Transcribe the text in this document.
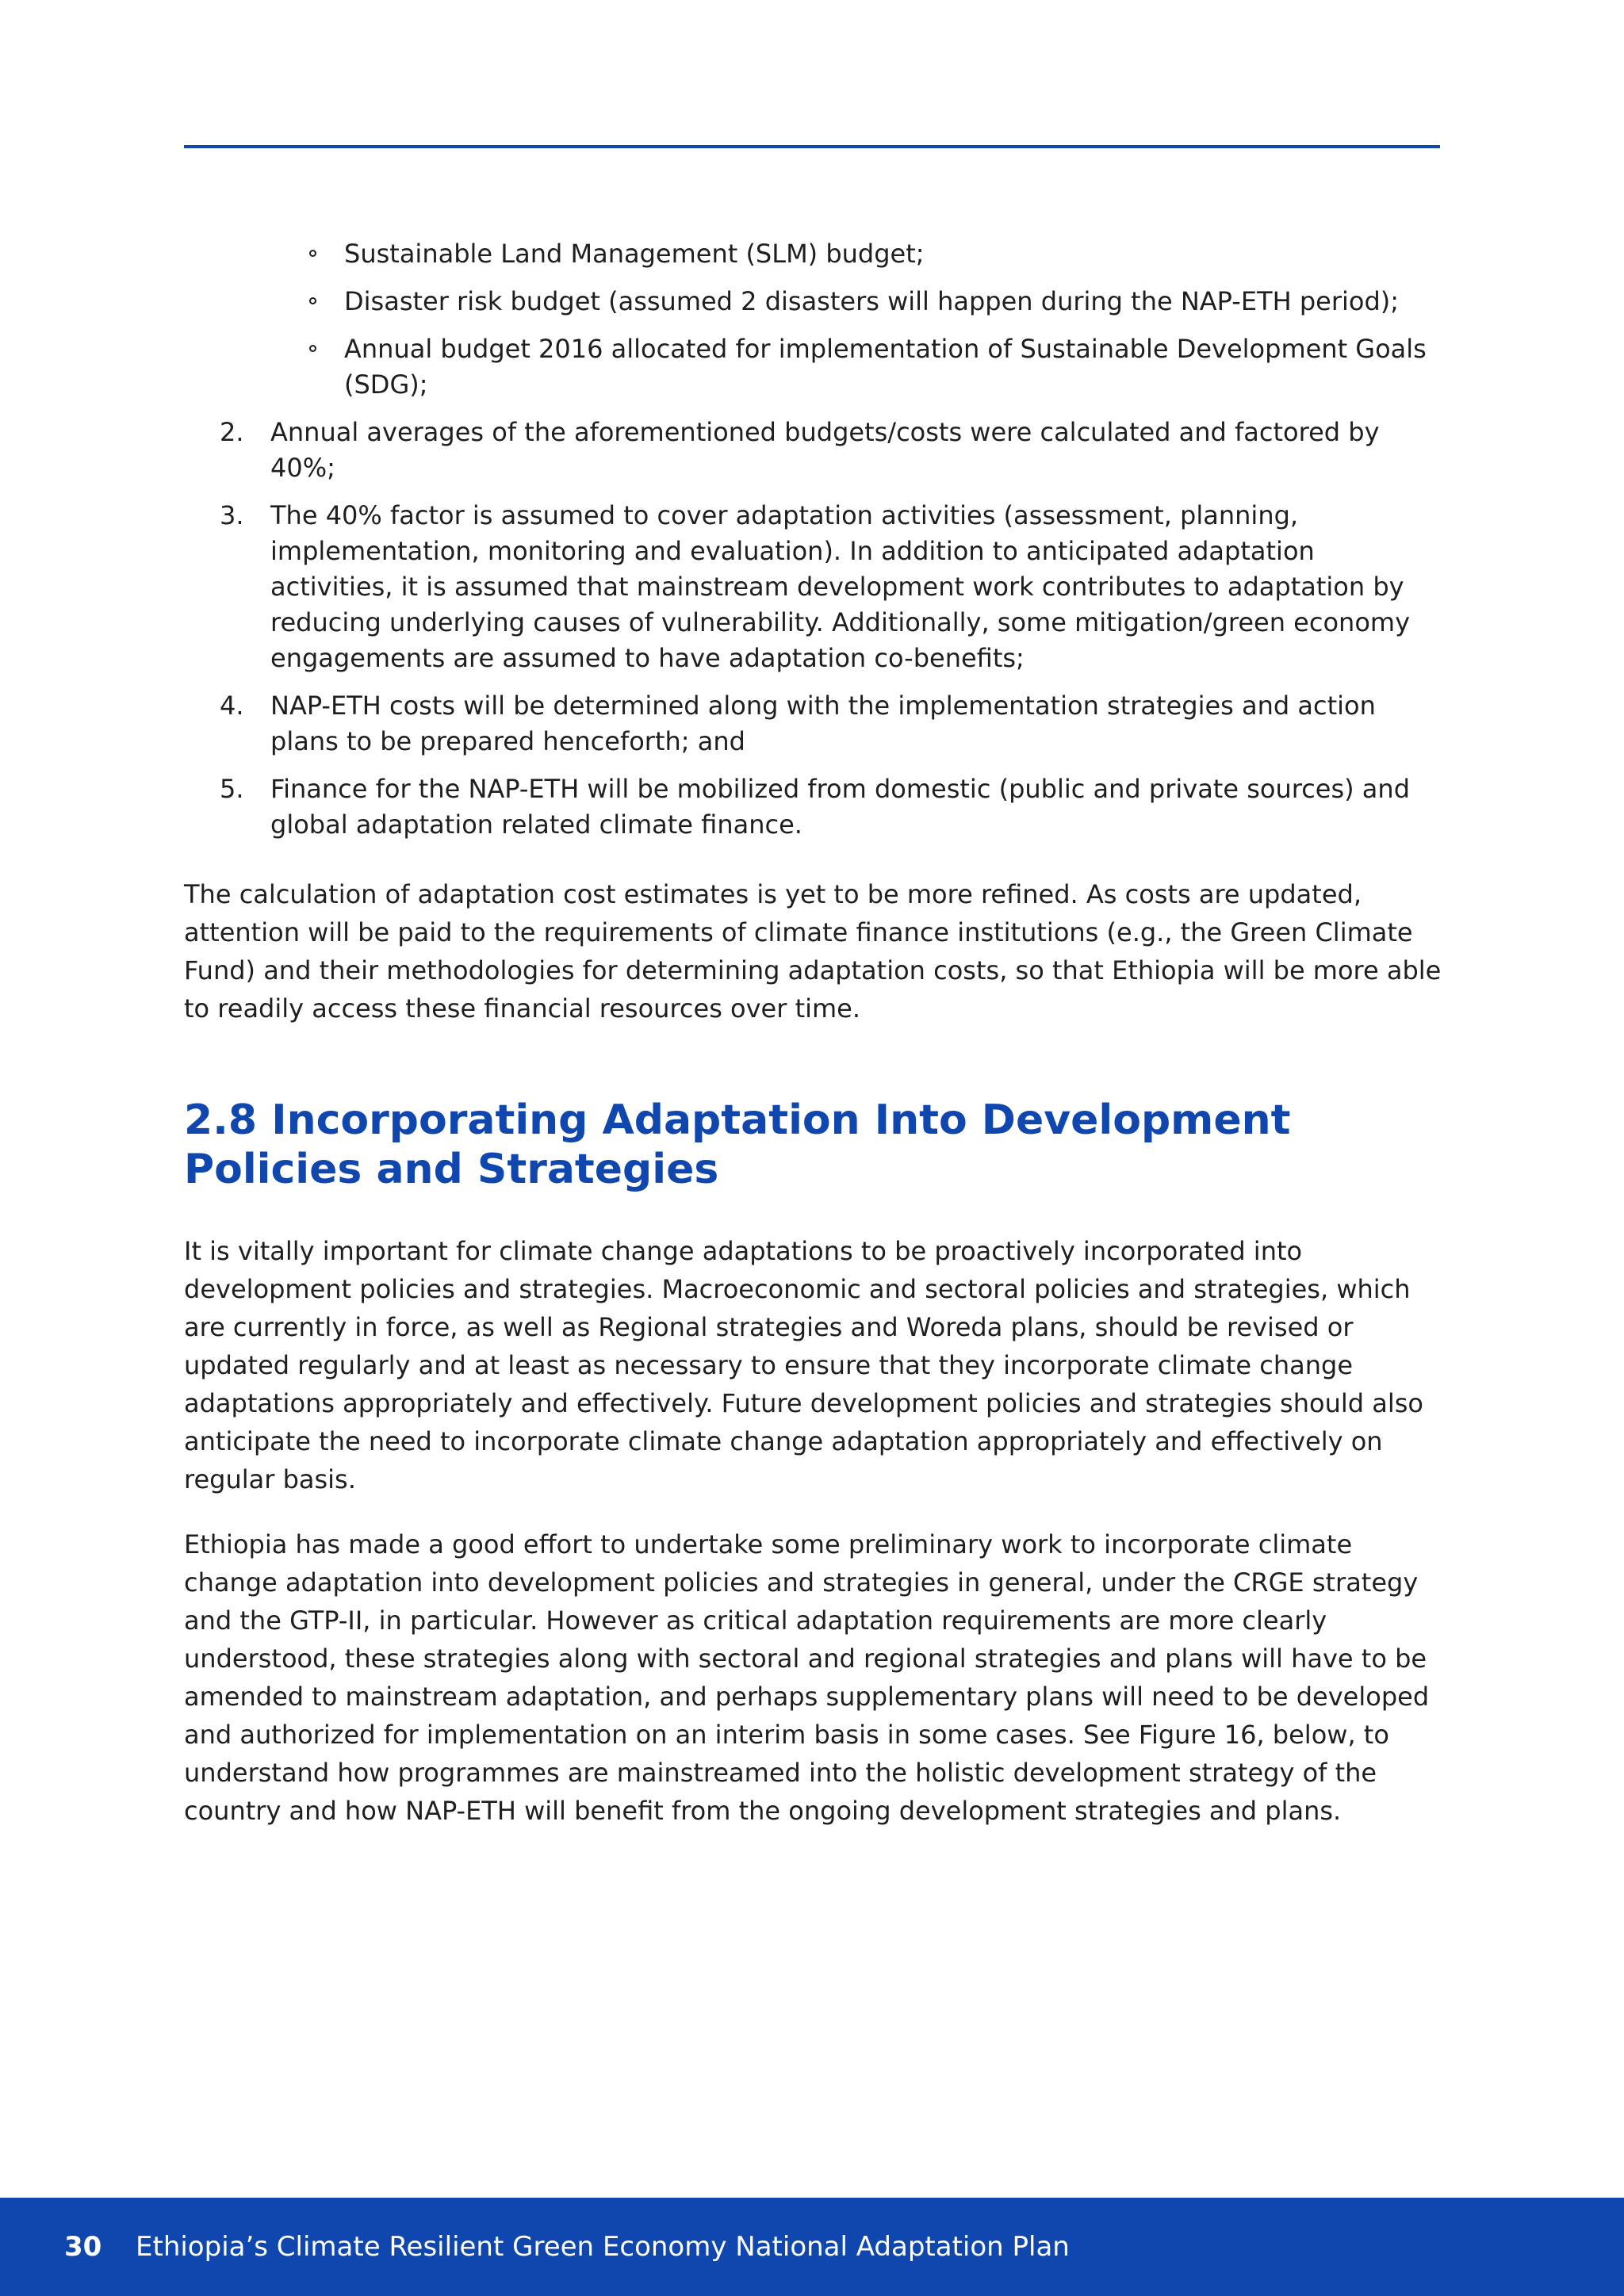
Sustainable Land Management (SLM) budget;
Disaster risk budget (assumed 2 disasters will happen during the NAP-ETH period);
Annual budget 2016 allocated for implementation of Sustainable Development Goals (SDG);
2. Annual averages of the aforementioned budgets/costs were calculated and factored by 40%;
3. The 40% factor is assumed to cover adaptation activities (assessment, planning, implementation, monitoring and evaluation). In addition to anticipated adaptation activities, it is assumed that mainstream development work contributes to adaptation by reducing underlying causes of vulnerability. Additionally, some mitigation/green economy engagements are assumed to have adaptation co-benefits;
4. NAP-ETH costs will be determined along with the implementation strategies and action plans to be prepared henceforth; and
5. Finance for the NAP-ETH will be mobilized from domestic (public and private sources) and global adaptation related climate finance.

The calculation of adaptation cost estimates is yet to be more refined. As costs are updated, attention will be paid to the requirements of climate finance institutions (e.g., the Green Climate Fund) and their methodologies for determining adaptation costs, so that Ethiopia will be more able to readily access these financial resources over time.

2.8 Incorporating Adaptation Into Development Policies and Strategies

It is vitally important for climate change adaptations to be proactively incorporated into development policies and strategies. Macroeconomic and sectoral policies and strategies, which are currently in force, as well as Regional strategies and Woreda plans, should be revised or updated regularly and at least as necessary to ensure that they incorporate climate change adaptations appropriately and effectively. Future development policies and strategies should also anticipate the need to incorporate climate change adaptation appropriately and effectively on regular basis.

Ethiopia has made a good effort to undertake some preliminary work to incorporate climate change adaptation into development policies and strategies in general, under the CRGE strategy and the GTP-II, in particular. However as critical adaptation requirements are more clearly understood, these strategies along with sectoral and regional strategies and plans will have to be amended to mainstream adaptation, and perhaps supplementary plans will need to be developed and authorized for implementation on an interim basis in some cases. See Figure 16, below, to understand how programmes are mainstreamed into the holistic development strategy of the country and how NAP-ETH will benefit from the ongoing development strategies and plans.

30 Ethiopia’s Climate Resilient Green Economy National Adaptation Plan
